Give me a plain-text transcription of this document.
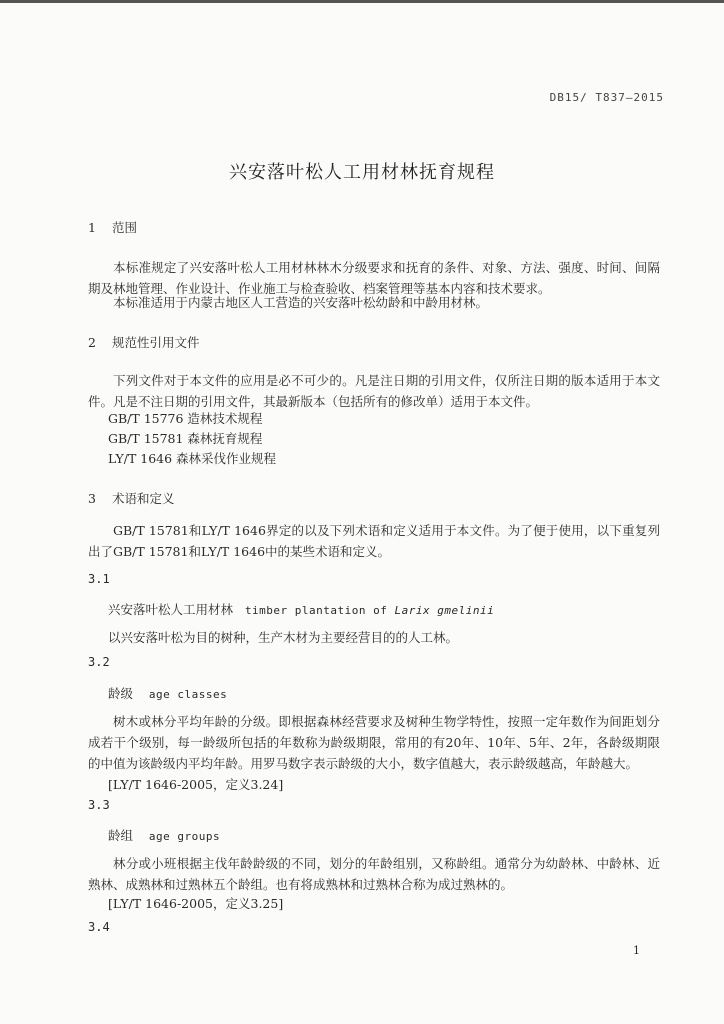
DB15/ T837—2015
兴安落叶松人工用材林抚育规程
1 范围
本标准规定了兴安落叶松人工用材林林木分级要求和抚育的条件、对象、方法、强度、时间、间隔期及林地管理、作业设计、作业施工与检查验收、档案管理等基本内容和技术要求。
本标准适用于内蒙古地区人工营造的兴安落叶松幼龄和中龄用材林。
2 规范性引用文件
下列文件对于本文件的应用是必不可少的。凡是注日期的引用文件，仅所注日期的版本适用于本文件。凡是不注日期的引用文件，其最新版本（包括所有的修改单）适用于本文件。
GB/T 15776 造林技术规程
GB/T 15781 森林抚育规程
LY/T 1646 森林采伐作业规程
3 术语和定义
GB/T 15781和LY/T 1646界定的以及下列术语和定义适用于本文件。为了便于使用，以下重复列出了GB/T 15781和LY/T 1646中的某些术语和定义。
3.1
兴安落叶松人工用材林 timber plantation of Larix gmelinii
以兴安落叶松为目的树种，生产木材为主要经营目的的人工林。
3.2
龄级 age classes
树木或林分平均年龄的分级。即根据森林经营要求及树种生物学特性，按照一定年数作为间距划分成若干个级别，每一龄级所包括的年数称为龄级期限，常用的有20年、10年、5年、2年，各龄级期限的中值为该龄级内平均年龄。用罗马数字表示龄级的大小，数字值越大，表示龄级越高，年龄越大。
[LY/T 1646-2005，定义3.24]
3.3
龄组 age groups
林分或小班根据主伐年龄龄级的不同，划分的年龄组别，又称龄组。通常分为幼龄林、中龄林、近熟林、成熟林和过熟林五个龄组。也有将成熟林和过熟林合称为成过熟林的。
[LY/T 1646-2005，定义3.25]
3.4
1
